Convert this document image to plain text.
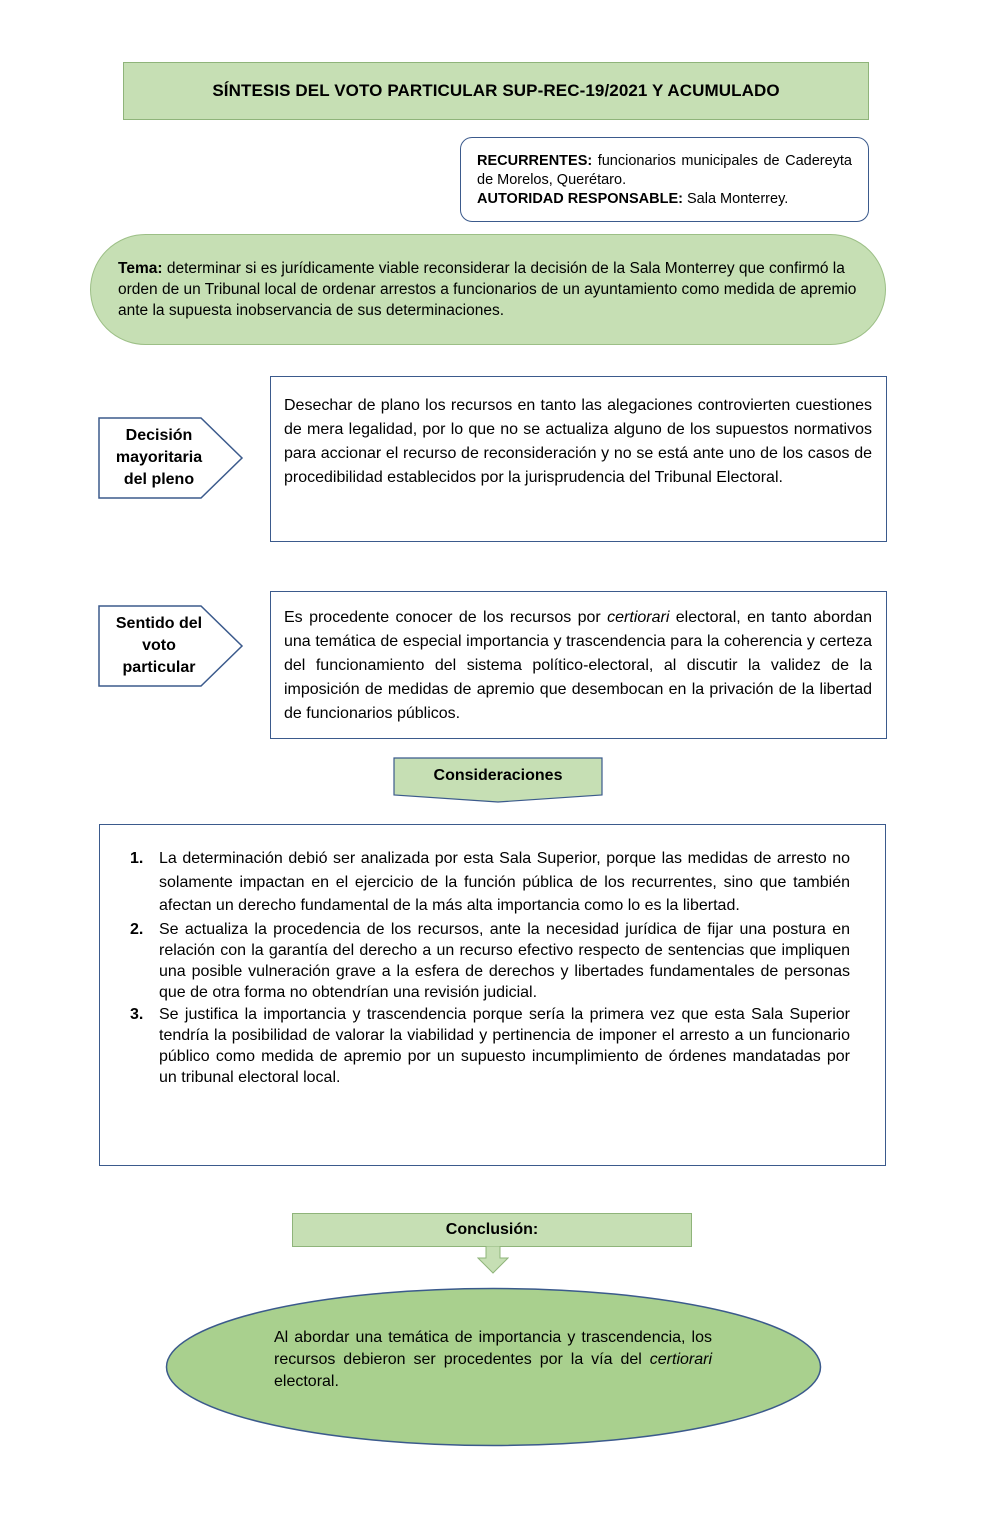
SÍNTESIS DEL VOTO PARTICULAR SUP-REC-19/2021 Y ACUMULADO
RECURRENTES: funcionarios municipales de Cadereyta de Morelos, Querétaro.
AUTORIDAD RESPONSABLE: Sala Monterrey.
Tema: determinar si es jurídicamente viable reconsiderar la decisión de la Sala Monterrey que confirmó la orden de un Tribunal local de ordenar arrestos a funcionarios de un ayuntamiento como medida de apremio ante la supuesta inobservancia de sus determinaciones.
Decisión
mayoritaria
del pleno

Desechar de plano los recursos en tanto las alegaciones controvierten cuestiones de mera legalidad, por lo que no se actualiza alguno de los supuestos normativos para accionar el recurso de reconsideración y no se está ante uno de los casos de procedibilidad establecidos por la jurisprudencia del Tribunal Electoral.

Sentido del
voto
particular

Es procedente conocer de los recursos por certiorari electoral, en tanto abordan una temática de especial importancia y trascendencia para la coherencia y certeza del funcionamiento del sistema político-electoral, al discutir la validez de la imposición de medidas de apremio que desembocan en la privación de la libertad de funcionarios públicos.

Consideraciones
1. La determinación debió ser analizada por esta Sala Superior, porque las medidas de arresto no solamente impactan en el ejercicio de la función pública de los recurrentes, sino que también afectan un derecho fundamental de la más alta importancia como lo es la libertad.
2. Se actualiza la procedencia de los recursos, ante la necesidad jurídica de fijar una postura en relación con la garantía del derecho a un recurso efectivo respecto de sentencias que impliquen una posible vulneración grave a la esfera de derechos y libertades fundamentales de personas que de otra forma no obtendrían una revisión judicial.
3. Se justifica la importancia y trascendencia porque sería la primera vez que esta Sala Superior tendría la posibilidad de valorar la viabilidad y pertinencia de imponer el arresto a un funcionario público como medida de apremio por un supuesto incumplimiento de órdenes mandatadas por un tribunal electoral local.
Conclusión:

Al abordar una temática de importancia y trascendencia, los recursos debieron ser procedentes por la vía del certiorari electoral.
